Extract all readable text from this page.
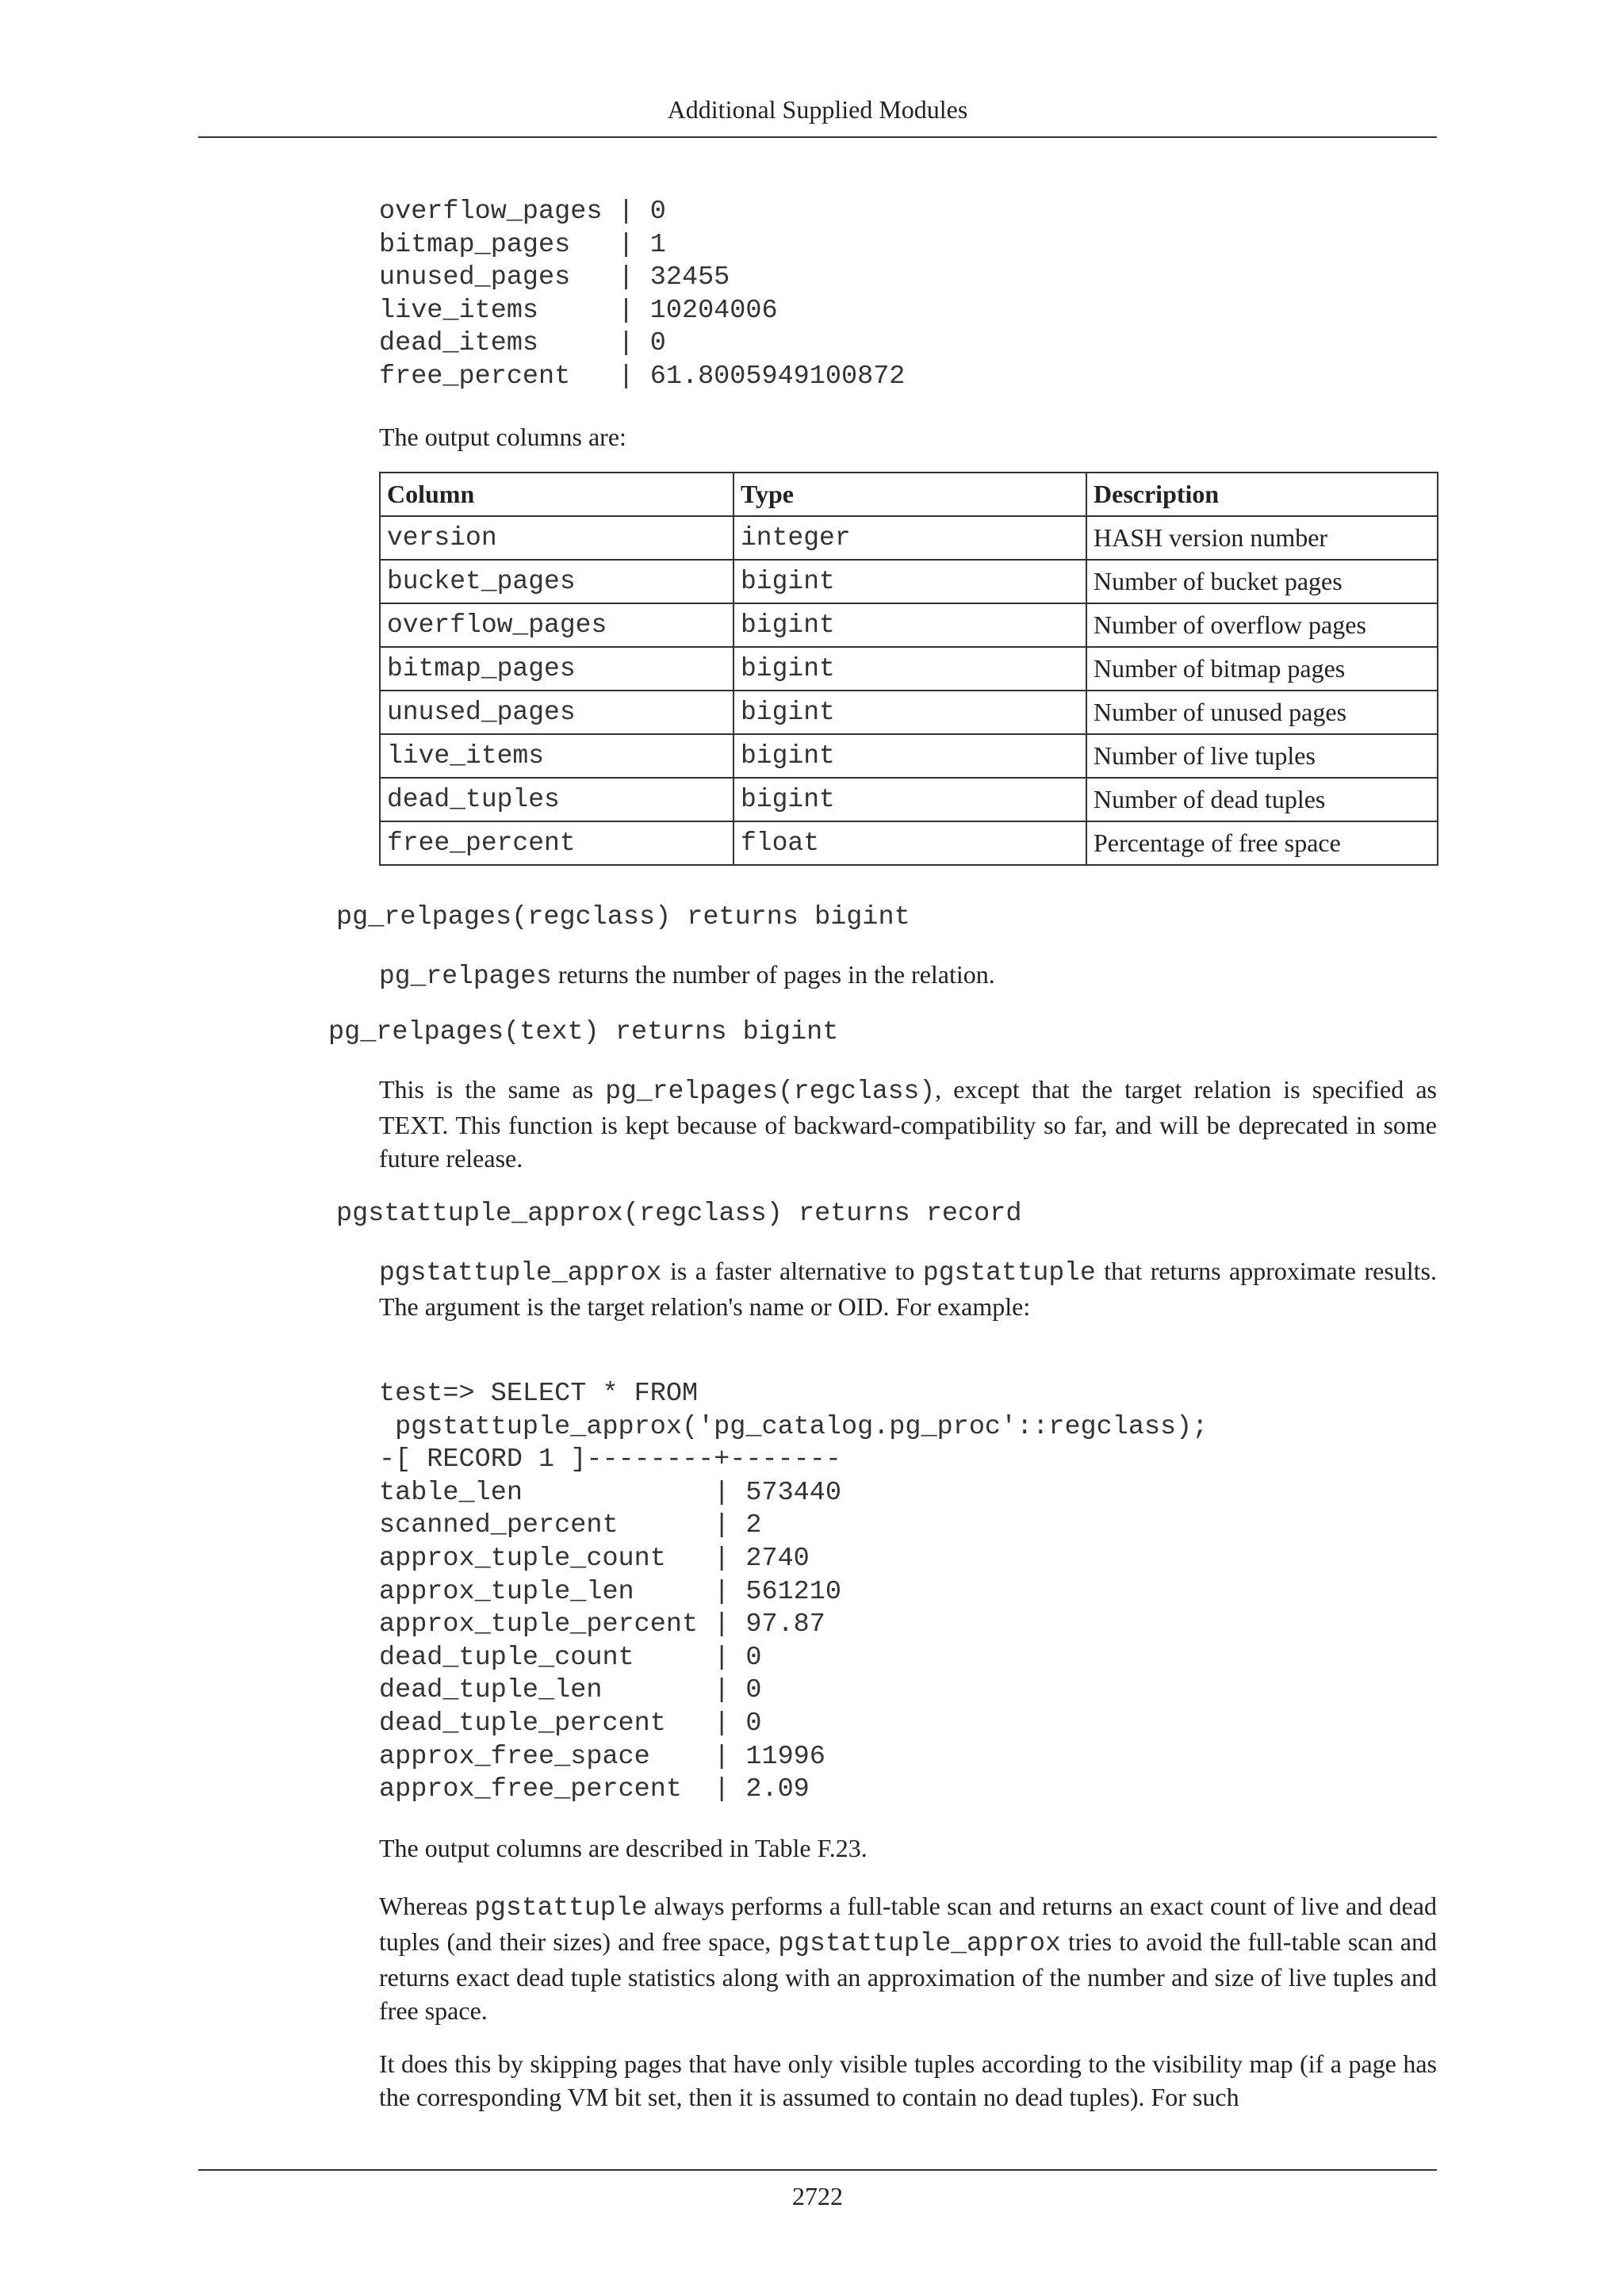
Additional Supplied Modules
overflow_pages | 0
bitmap_pages   | 1
unused_pages   | 32455
live_items     | 10204006
dead_items     | 0
free_percent   | 61.8005949100872

The output columns are:

Column	Type	Description
version	integer	HASH version number
bucket_pages	bigint	Number of bucket pages
overflow_pages	bigint	Number of overflow pages
bitmap_pages	bigint	Number of bitmap pages
unused_pages	bigint	Number of unused pages
live_items	bigint	Number of live tuples
dead_tuples	bigint	Number of dead tuples
free_percent	float	Percentage of free space
pg_relpages(regclass) returns bigint

pg_relpages returns the number of pages in the relation.

pg_relpages(text) returns bigint

This is the same as pg_relpages(regclass), except that the target relation is specified as TEXT. This function is kept because of backward-compatibility so far, and will be deprecated in some future release.

pgstattuple_approx(regclass) returns record

pgstattuple_approx is a faster alternative to pgstattuple that returns approximate results. The argument is the target relation's name or OID. For example:

test=> SELECT * FROM
pgstattuple_approx('pg_catalog.pg_proc'::regclass);
-[ RECORD 1 ]--------+-------
table_len            | 573440
scanned_percent      | 2
approx_tuple_count   | 2740
approx_tuple_len     | 561210
approx_tuple_percent | 97.87
dead_tuple_count     | 0
dead_tuple_len       | 0
dead_tuple_percent   | 0
approx_free_space    | 11996
approx_free_percent  | 2.09

The output columns are described in Table F.23.

Whereas pgstattuple always performs a full-table scan and returns an exact count of live and dead tuples (and their sizes) and free space, pgstattuple_approx tries to avoid the full-table scan and returns exact dead tuple statistics along with an approximation of the number and size of live tuples and free space.

It does this by skipping pages that have only visible tuples according to the visibility map (if a page has the corresponding VM bit set, then it is assumed to contain no dead tuples). For such

2722
